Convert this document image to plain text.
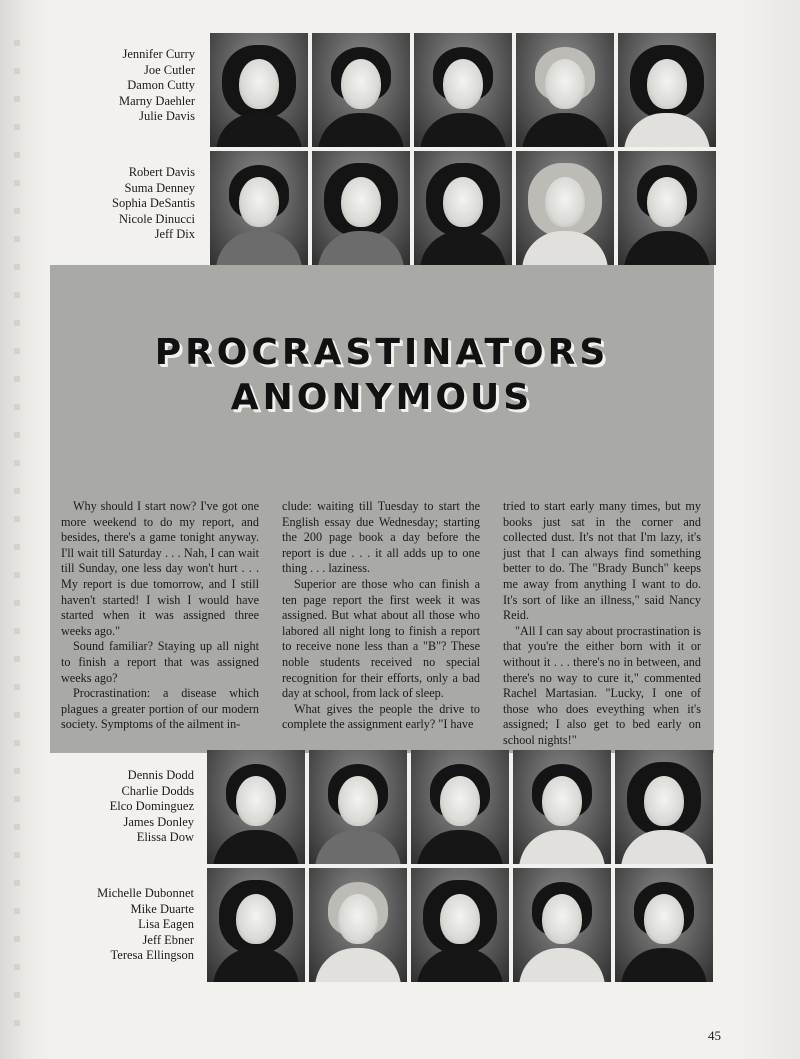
Jennifer Curry
Joe Cutler
Damon Cutty
Marny Daehler
Julie Davis
Robert Davis
Suma Denney
Sophia DeSantis
Nicole Dinucci
Jeff Dix
PROCRASTINATORS
ANONYMOUS

Why should I start now? I've got one more weekend to do my report, and besides, there's a game tonight anyway. I'll wait till Saturday . . . Nah, I can wait till Sunday, one less day won't hurt . . . My report is due tomorrow, and I still haven't started! I wish I would have started when it was assigned three weeks ago."

Sound familiar? Staying up all night to finish a report that was assigned weeks ago?

Procrastination: a disease which plagues a greater portion of our modern society. Symptoms of the ailment in-

clude: waiting till Tuesday to start the English essay due Wednesday; starting the 200 page book a day before the report is due . . . it all adds up to one thing . . . laziness.

Superior are those who can finish a ten page report the first week it was assigned. But what about all those who labored all night long to finish a report to receive none less than a "B"? These noble students received no special recognition for their efforts, only a bad day at school, from lack of sleep.

What gives the people the drive to complete the assignment early? "I have

tried to start early many times, but my books just sat in the corner and collected dust. It's not that I'm lazy, it's just that I can always find something better to do. The "Brady Bunch" keeps me away from anything I want to do. It's sort of like an illness," said Nancy Reid.

"All I can say about procrastination is that you're the either born with it or without it . . . there's no in between, and there's no way to cure it," commented Rachel Martasian. "Lucky, I one of those who does eveything when it's assigned; I also get to bed early on school nights!"

Dennis Dodd
Charlie Dodds
Elco Dominguez
James Donley
Elissa Dow
Michelle Dubonnet
Mike Duarte
Lisa Eagen
Jeff Ebner
Teresa Ellingson
45
